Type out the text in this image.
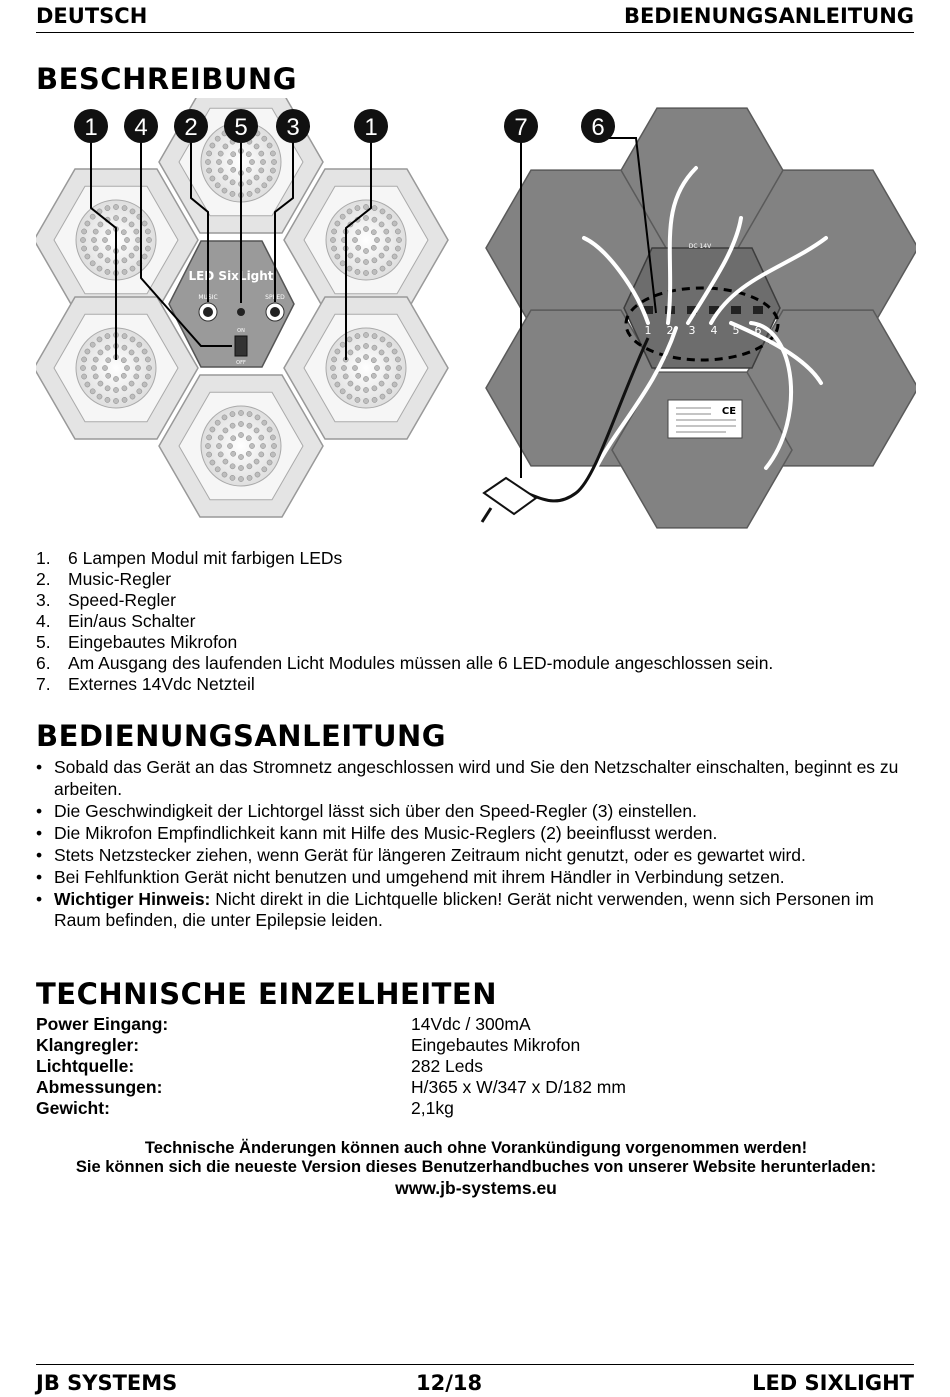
DEUTSCH	BEDIENUNGSANLEITUNG
BESCHREIBUNG
LED SixLight
MUSIC	SPEED
ON
OFF
1 4 2 5 3	1
DC 14V
1 2 3 4 5 6
CE
7	6
1. 6 Lampen Modul mit farbigen LEDs
2. Music-Regler
3. Speed-Regler
4. Ein/aus Schalter
5. Eingebautes Mikrofon
6. Am Ausgang des laufenden Licht Modules müssen alle 6 LED-module angeschlossen sein.
7. Externes 14Vdc Netzteil
BEDIENUNGSANLEITUNG
• Sobald das Gerät an das Stromnetz angeschlossen wird und Sie den Netzschalter einschalten, beginnt es zu arbeiten.
• Die Geschwindigkeit der Lichtorgel lässt sich über den Speed-Regler (3) einstellen.
• Die Mikrofon Empfindlichkeit kann mit Hilfe des Music-Reglers (2) beeinflusst werden.
• Stets Netzstecker ziehen, wenn Gerät für längeren Zeitraum nicht genutzt, oder es gewartet wird.
• Bei Fehlfunktion Gerät nicht benutzen und umgehend mit ihrem Händler in Verbindung setzen.
• Wichtiger Hinweis: Nicht direkt in die Lichtquelle blicken! Gerät nicht verwenden, wenn sich Personen im Raum befinden, die unter Epilepsie leiden.
TECHNISCHE EINZELHEITEN
Power Eingang:	14Vdc / 300mA
Klangregler:	Eingebautes Mikrofon
Lichtquelle:	282 Leds
Abmessungen:	H/365 x W/347 x D/182 mm
Gewicht:	2,1kg
Technische Änderungen können auch ohne Vorankündigung vorgenommen werden!
Sie können sich die neueste Version dieses Benutzerhandbuches von unserer Website herunterladen:
www.jb-systems.eu
JB SYSTEMS	12/18	LED SIXLIGHT
